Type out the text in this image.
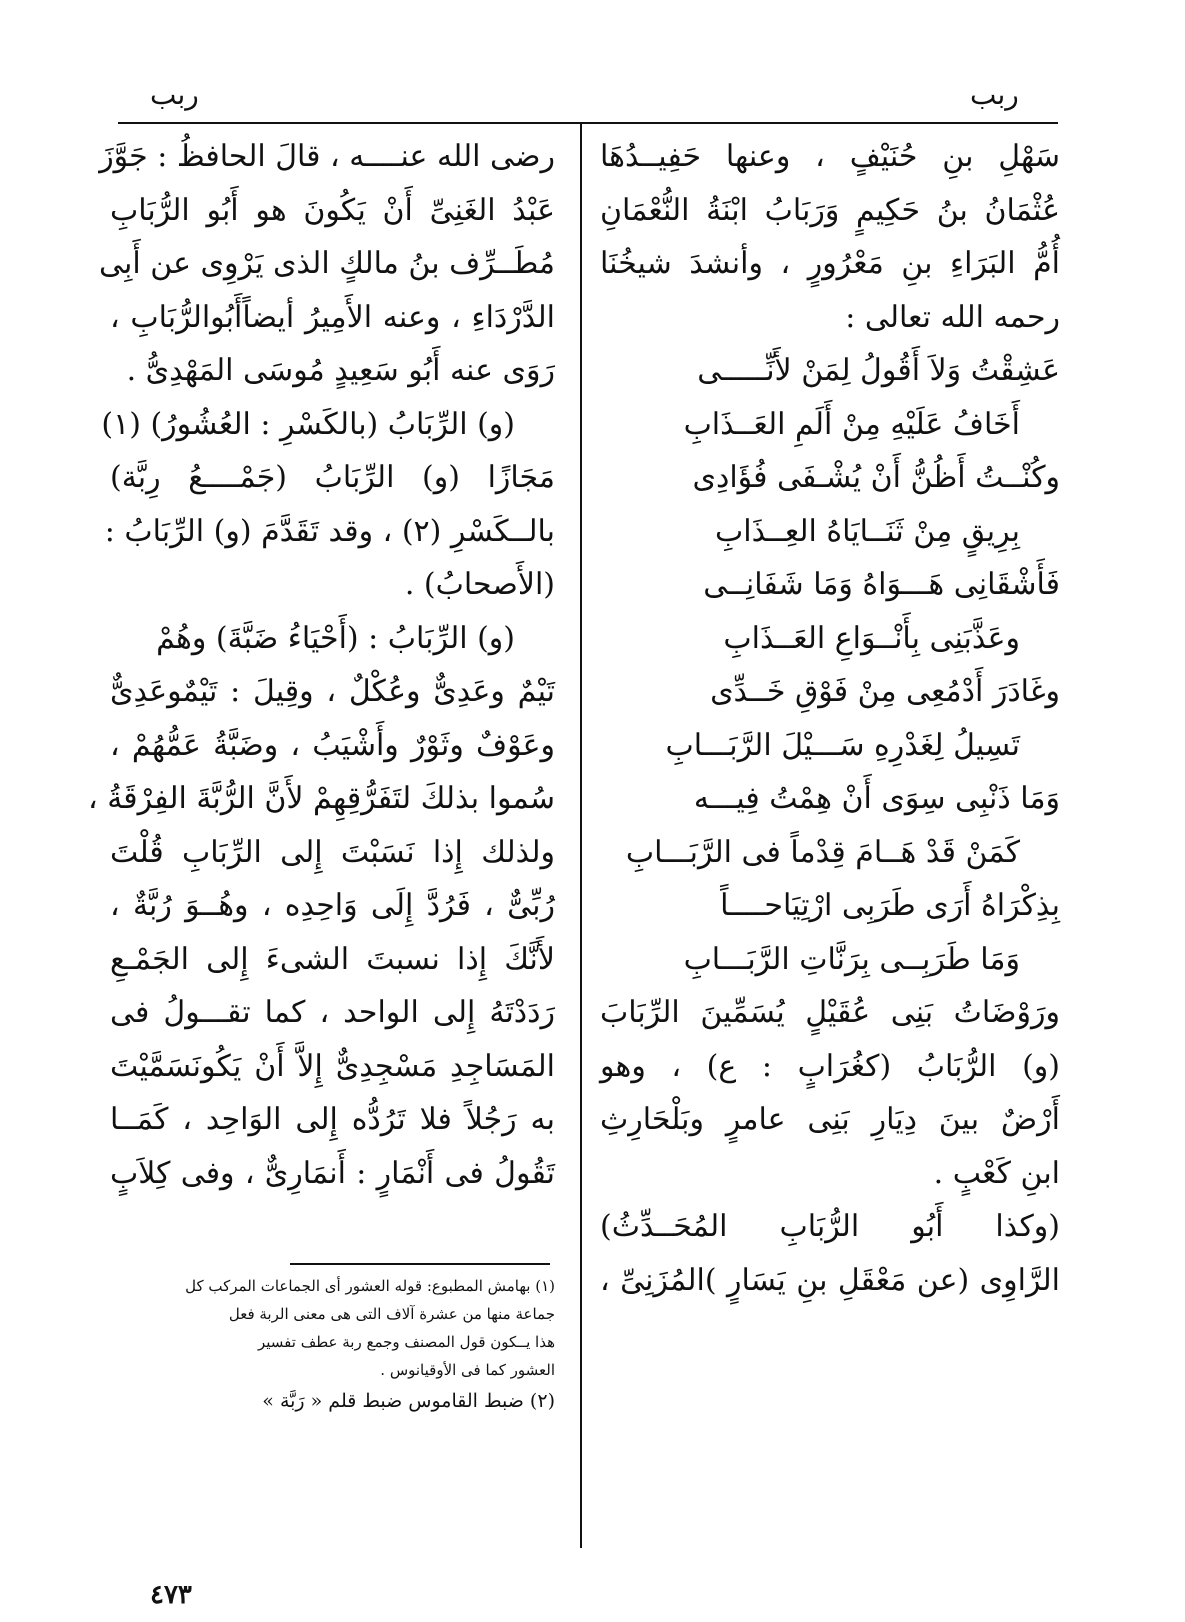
ربب
ربب
سَهْلِ بنِ حُنَيْفٍ ، وعنها حَفِيــدُهَا
عُثْمَانُ بنُ حَكِيمٍ وَرَبَابُ ابْنَةُ النُّعْمَانِ
أُمُّ البَرَاءِ بنِ مَعْرُورٍ ، وأنشدَ شيخُنَا
رحمه الله تعالى :
عَشِقْتُ وَلاَ أَقُولُ لِمَنْ لأَنِّـــــى
أَخَافُ عَلَيْهِ مِنْ أَلَمِ العَــذَابِ
وكُنْــتُ أَظُنُّ أَنْ يُشْـفَى فُؤَادِى
بِرِيقٍ مِنْ ثَنَــايَاهُ العِــذَابِ
فَأَشْقَانِى هَـــوَاهُ وَمَا شَفَانِــى
وعَذَّبَنِى بِأَنْــوَاعِ العَــذَابِ
وغَادَرَ أَدْمُعِى مِنْ فَوْقِ خَــدِّى
تَسِيلُ لِغَدْرِهِ سَـــيْلَ الرَّبَـــابِ
وَمَا ذَنْبِى سِوَى أَنْ هِمْتُ فِيـــه
كَمَنْ قَدْ هَــامَ قِدْماً فى الرَّبَـــابِ
بِذِكْرَاهُ أَرَى طَرَبِى ارْتِيَاحــــاً
وَمَا طَرَبِــى بِرَنَّاتِ الرَّبَـــابِ
ورَوْضَاتُ بَنِى عُقَيْلٍ يُسَمِّينَ الرِّبَابَ
(و) الرُّبَابُ (كغُرَابٍ : ع) ، وهو
أَرْضٌ بينَ دِيَارِ بَنِى عامرٍ وبَلْحَارِثِ
ابنِ كَعْبٍ .
(وكذا أَبُو الرُّبَابِ المُحَــدِّثُ)
الرَّاوِى (عن مَعْقَلِ بنِ يَسَارٍ )المُزَنِىِّ ،
رضى الله عنــــه ، قالَ الحافظُ : جَوَّزَ
عَبْدُ الغَنِىِّ أَنْ يَكُونَ هو أَبُو الرُّبَابِ
مُطَــرِّف بنُ مالكٍ الذى يَرْوِى عن أَبِى
الدَّرْدَاءِ ، وعنه الأَمِيرُ أيضاًأَبُوالرُّبَابِ ،
رَوَى عنه أَبُو سَعِيدٍ مُوسَى المَهْدِىُّ .
(و) الرِّبَابُ (بالكَسْرِ : العُشُورُ) (١)
مَجَازًا (و) الرِّبَابُ (جَمْــــعُ رِبَّة)
بالــكَسْرِ (٢) ، وقد تَقَدَّمَ (و) الرِّبَابُ :
(الأَصحابُ) .
(و) الرِّبَابُ : (أَحْيَاءُ ضَبَّةَ) وهُمْ
تَيْمٌ وعَدِىٌّ وعُكْلٌ ، وقِيلَ : تَيْمٌوعَدِىٌّ
وعَوْفٌ وثَوْرٌ وأَشْيَبُ ، وضَبَّةُ عَمُّهُمْ ،
سُموا بذلكَ لتَفَرُّقِهِمْ لأَنَّ الرُّبَّةَ الفِرْقَةُ ،
ولذلك إِذا نَسَبْتَ إِلى الرِّبَابِ قُلْتَ
رُبِّىٌّ ، فَرُدَّ إِلَى وَاحِدِه ، وهُــوَ رُبَّةٌ ،
لأَنَّكَ إِذا نسبتَ الشىءَ إِلى الجَمْـعِ
رَدَدْتَهُ إِلى الواحد ، كما تقـــولُ فى
المَسَاجِدِ مَسْجِدِىٌّ إِلاَّ أَنْ يَكُونَسَمَّيْتَ
به رَجُلاً فلا تَرُدُّه إِلى الوَاحِد ، كَمَــا
تَقُولُ فى أَنْمَارٍ : أَنمَارِىٌّ ، وفى كِلاَبٍ
(١) بهامش المطبوع: قوله العشور أى الجماعات المركب كل
جماعة منها من عشرة آلاف التى هى معنى الربة فعل
هذا يــكون قول المصنف وجمع ربة عطف تفسير
العشور كما فى الأوقيانوس .
(٢) ضبط القاموس ضبط قلم « رَبَّة »
٤٧٣
